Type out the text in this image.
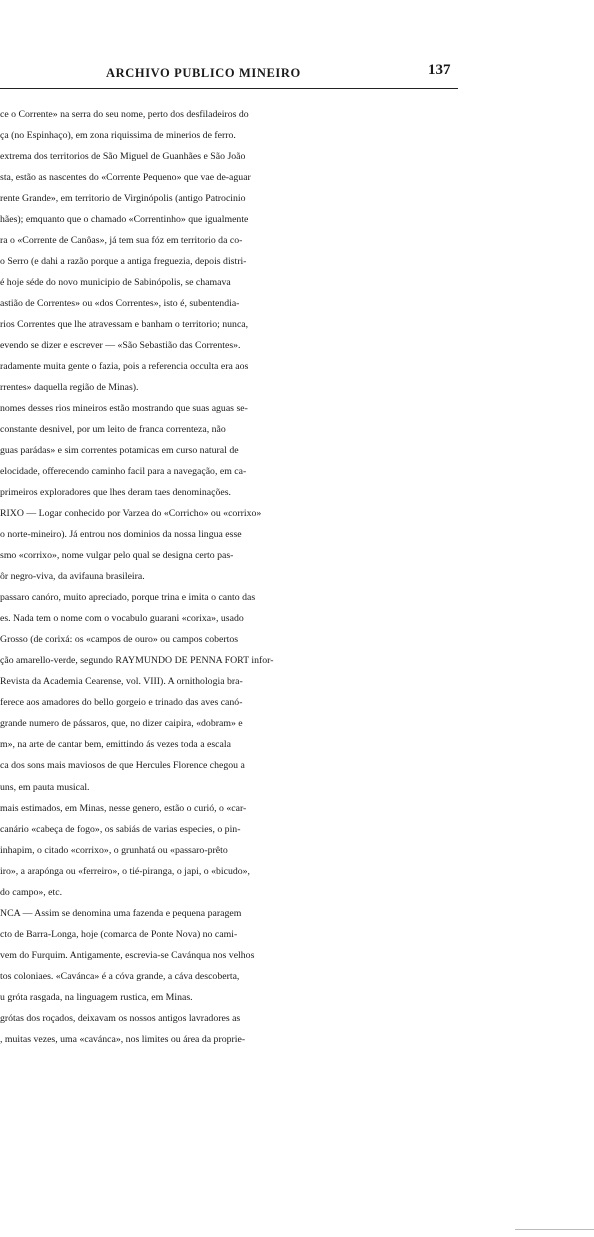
ARCHIVO PUBLICO MINEIRO	137
ce o Corrente» na serra do seu nome, perto dos desfiladeiros do
ça (no Espinhaço), em zona riquissima de minerios de ferro.
extrema dos territorios de São Miguel de Guanhães e São João
sta, estão as nascentes do «Corrente Pequeno» que vae de-aguar
rente Grande», em territorio de Virginópolis (antigo Patrocinio
hães); emquanto que o chamado «Correntinho» que igualmente
ra o «Corrente de Canôas», já tem sua fóz em territorio da co-
o Serro (e dahi a razão porque a antiga freguezia, depois distri-
é hoje séde do novo municipio de Sabinópolis, se chamava
astião de Correntes» ou «dos Correntes», isto é, subentendia-
rios Correntes que lhe atravessam e banham o territorio; nunca,
evendo se dizer e escrever — «São Sebastião das Correntes».
radamente muita gente o fazia, pois a referencia occulta era aos
rrentes» daquella região de Minas).
nomes desses rios mineiros estão mostrando que suas aguas se-
constante desnivel, por um leito de franca correnteza, não
guas parádas» e sim correntes potamicas em curso natural de
elocidade, offerecendo caminho facil para a navegação, em ca-
primeiros exploradores que lhes deram taes denominações.
RIXO — Logar conhecido por Varzea do «Corricho» ou «corrixo»
o norte-mineiro). Já entrou nos dominios da nossa lingua esse
smo «corrixo», nome vulgar pelo qual se designa certo pas-
ôr negro-viva, da avifauna brasileira.
passaro canóro, muito apreciado, porque trina e imita o canto das
es. Nada tem o nome com o vocabulo guarani «corixa», usado
Grosso (de corixá: os «campos de ouro» ou campos cobertos
ção amarello-verde, segundo RAYMUNDO DE PENNA FORT infor-
Revista da Academia Cearense, vol. VIII). A ornithologia bra-
ferece aos amadores do bello gorgeio e trinado das aves canó-
grande numero de pássaros, que, no dizer caipira, «dobram» e
m», na arte de cantar bem, emittindo ás vezes toda a escala
ca dos sons mais maviosos de que Hercules Florence chegou a
uns, em pauta musical.
mais estimados, em Minas, nesse genero, estão o curió, o «car-
canário «cabeça de fogo», os sabiás de varias especies, o pin-
inhapim, o citado «corrixo», o grunhatá ou «passaro-prêto
iro», a arapónga ou «ferreiro», o tié-piranga, o japi, o «bicudo»,
do campo», etc.
NCA — Assim se denomina uma fazenda e pequena paragem
cto de Barra-Longa, hoje (comarca de Ponte Nova) no cami-
vem do Furquim. Antigamente, escrevia-se Cavánqua nos velhos
tos coloniaes. «Cavánca» é a cóva grande, a cáva descoberta,
u gróta rasgada, na linguagem rustica, em Minas.
grótas dos roçados, deixavam os nossos antigos lavradores as
, muitas vezes, uma «cavánca», nos limites ou área da proprie-
